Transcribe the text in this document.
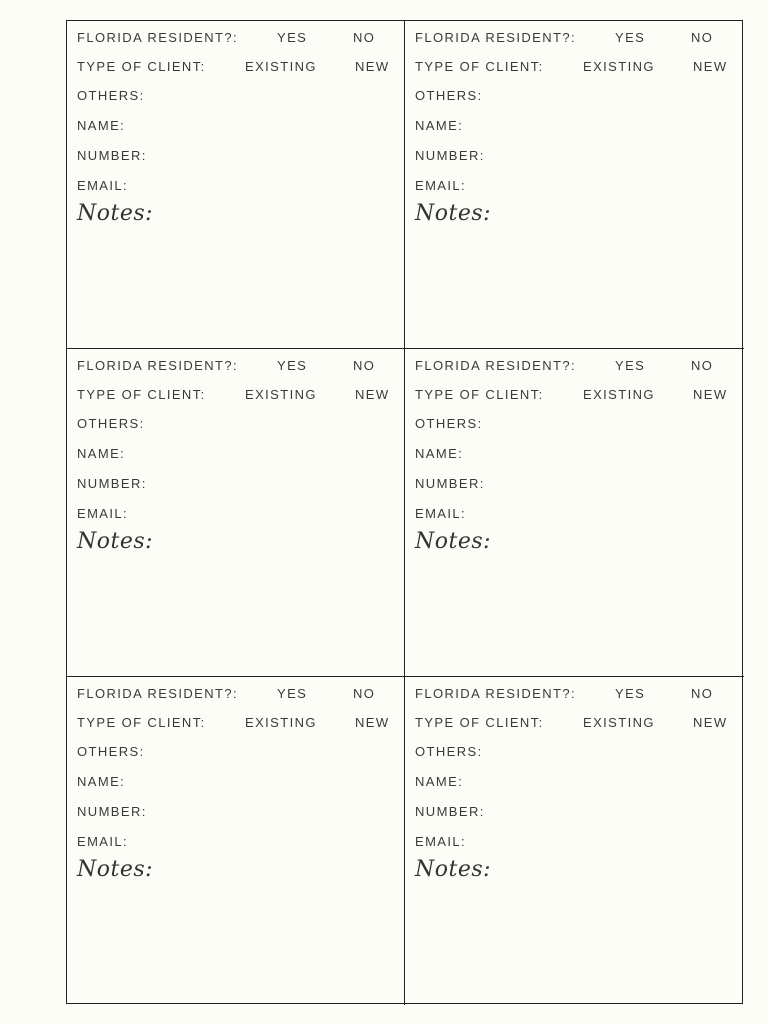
FLORIDA RESIDENT?:	YES	NO
TYPE OF CLIENT:	EXISTING	NEW
OTHERS:
NAME:
NUMBER:
EMAIL:
Notes:
FLORIDA RESIDENT?:	YES	NO
TYPE OF CLIENT:	EXISTING	NEW
OTHERS:
NAME:
NUMBER:
EMAIL:
Notes:
FLORIDA RESIDENT?:	YES	NO
TYPE OF CLIENT:	EXISTING	NEW
OTHERS:
NAME:
NUMBER:
EMAIL:
Notes:
FLORIDA RESIDENT?:	YES	NO
TYPE OF CLIENT:	EXISTING	NEW
OTHERS:
NAME:
NUMBER:
EMAIL:
Notes:
FLORIDA RESIDENT?:	YES	NO
TYPE OF CLIENT:	EXISTING	NEW
OTHERS:
NAME:
NUMBER:
EMAIL:
Notes:
FLORIDA RESIDENT?:	YES	NO
TYPE OF CLIENT:	EXISTING	NEW
OTHERS:
NAME:
NUMBER:
EMAIL:
Notes:
